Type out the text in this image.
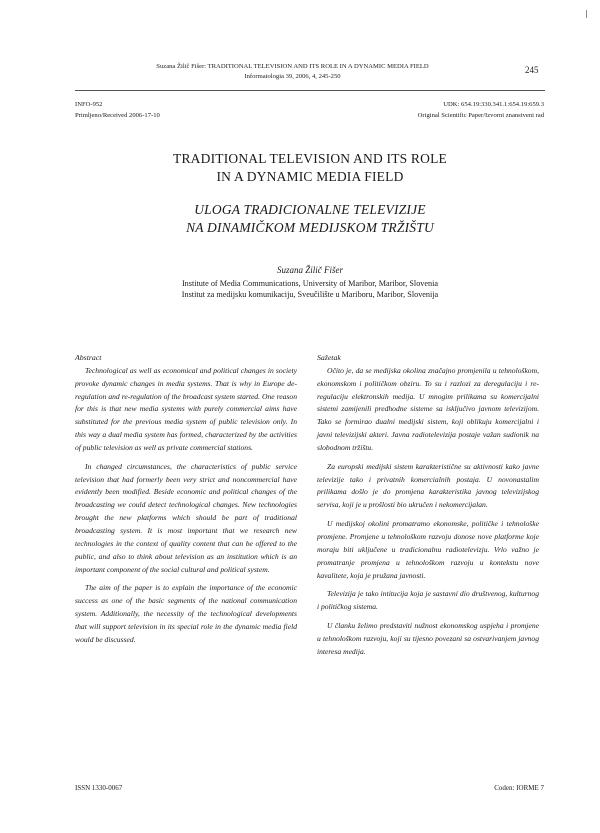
Suzana Žilič Fišer: TRADITIONAL TELEVISION AND ITS ROLE IN A DYNAMIC MEDIA FIELD
Informatologia 39, 2006, 4, 245-250
245
INFO-952
Primljeno/Received 2006-17-10
UDK: 654.19:330.341.1:654.19:659.3
Original Scientific Paper/Izvorni znanstveni rad
TRADITIONAL TELEVISION AND ITS ROLE
IN A DYNAMIC MEDIA FIELD
ULOGA TRADICIONALNE TELEVIZIJE
NA DINAMIČKOM MEDIJSKOM TRŽIŠTU
Suzana Žilič Fišer
Institute of Media Communications, University of Maribor, Maribor, Slovenia
Institut za medijsku komunikaciju, Sveučilište u Mariboru, Maribor, Slovenija
Abstract

Technological as well as economical and political changes in society provoke dynamic changes in media systems. That is why in Europe de-regulation and re-regulation of the broadcast system started. One reason for this is that new media systems with purely commercial aims have substituted for the previous media system of public television only. In this way a dual media system has formed, characterized by the activities of public television as well as private commercial stations.

In changed circumstances, the characteristics of public service television that had formerly been very strict and noncommercial have evidently been modified. Beside economic and political changes of the broadcasting we could detect technological changes. New technologies brought the new platforms which should be part of traditional broadcasting system. It is most important that we research new technologies in the context of quality content that can be offered to the public, and also to think about television as an institution which is an important component of the social cultural and political system.

The aim of the paper is to explain the importance of the economic success as one of the basic segments of the national communication system. Additionally, the necessity of the technological developments that will support television in its special role in the dynamic media field would be discussed.

Sažetak

Očito je, da se medijska okolina značajno promjenila u tehnološkom, ekonomskom i političkom obziru. To su i razlozi za deregulaciju i re-regulaciju elektronskih medija. U mnogim prilikama su komercijalni sistemi zamijenili predhodne sisteme sa isključivo javnom televizijom. Tako se formirao dualni medijski sistem, koji oblikuju komercijalni i javni televizijski akteri. Javna radiotelevizija postaje važan sudionik na slobodnom tržištu.

Za europski medijski sistem karakteristične su aktivnosti kako javne televizije tako i privatnih komercialnih postaja. U novonastalim prilikama došlo je do promjena karakteristika javnog televizijskog servisa, koji je u prošlosti bio ukručen i nekomercijalan.

U medijskoj okolini promatramo ekonomske, političke i tehnološke promjene. Promjene u tehnološkom razvoju donose nove platforme koje moraju biti uključene u tradicionalnu radiotelevizju. Vrlo važno je promatranje promjena u tehnološkom razvoju u kontekstu nove kavalitete, koja je pružana javnosti.

Televizija je tako intitucija koja je sastavni dio društvenog, kulturnog i političkog sistema.

U članku želimo predstaviti nužnost ekonomskog uspjeha i promjene u tehnološkom razvoju, koji su tijesno povezani sa ostvarivanjem javnog interesa medija.

ISSN 1330-0067	Coden: IORME 7
